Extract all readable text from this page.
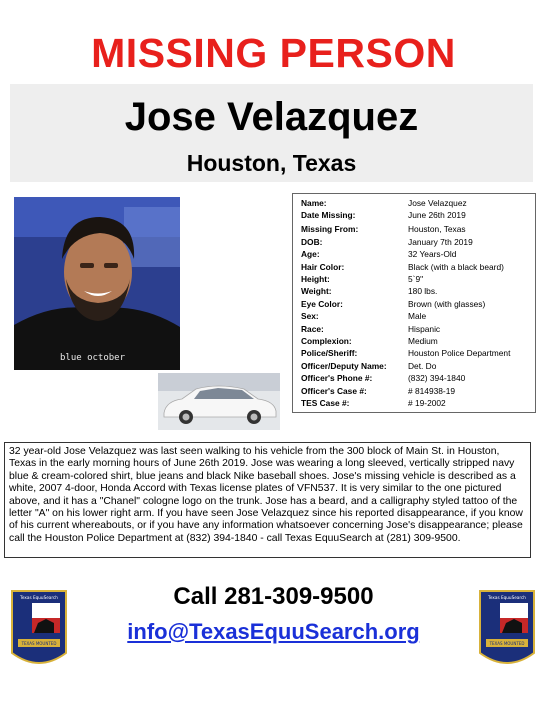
MISSING PERSON
Jose Velazquez
Houston, Texas
blue october
Name:	Jose Velazquez
Date Missing:	June 26th 2019
Missing From:	Houston, Texas
DOB:	January 7th 2019
Age:	32 Years-Old
Hair Color:	Black (with a black beard)
Height:	5`9"
Weight:	180 lbs.
Eye Color:	Brown (with glasses)
Sex:	Male
Race:	Hispanic
Complexion:	Medium
Police/Sheriff:	Houston Police Department
Officer/Deputy Name:	Det. Do
Officer's Phone #:	(832) 394-1840
Officer's Case #:	# 814938-19
TES Case #:	# 19-2002

32 year-old Jose Velazquez was last seen walking to his vehicle from the 300 block of Main St. in Houston, Texas in the early morning hours of June 26th 2019. Jose was wearing a long sleeved, vertically stripped navy blue & cream-colored shirt, blue jeans and black Nike baseball shoes. Jose's missing vehicle is described as a white, 2007 4-door, Honda Accord with Texas license plates of VFN537. It is very similar to the one pictured above, and it has a "Chanel" cologne logo on the trunk. Jose has a beard, and a calligraphy styled tattoo of the letter "A" on his lower right arm. If you have seen Jose Velazquez since his reported disappearance, if you know of his current whereabouts, or if you have any information whatsoever concerning Jose's disappearance; please call the Houston Police Department at (832) 394-1840 - call Texas EquuSearch at (281) 309-9500.

Call 281-309-9500
info@TexasEquuSearch.org
Texas EquuSearch
TEXAS MOUNTED
Texas EquuSearch
TEXAS MOUNTED
